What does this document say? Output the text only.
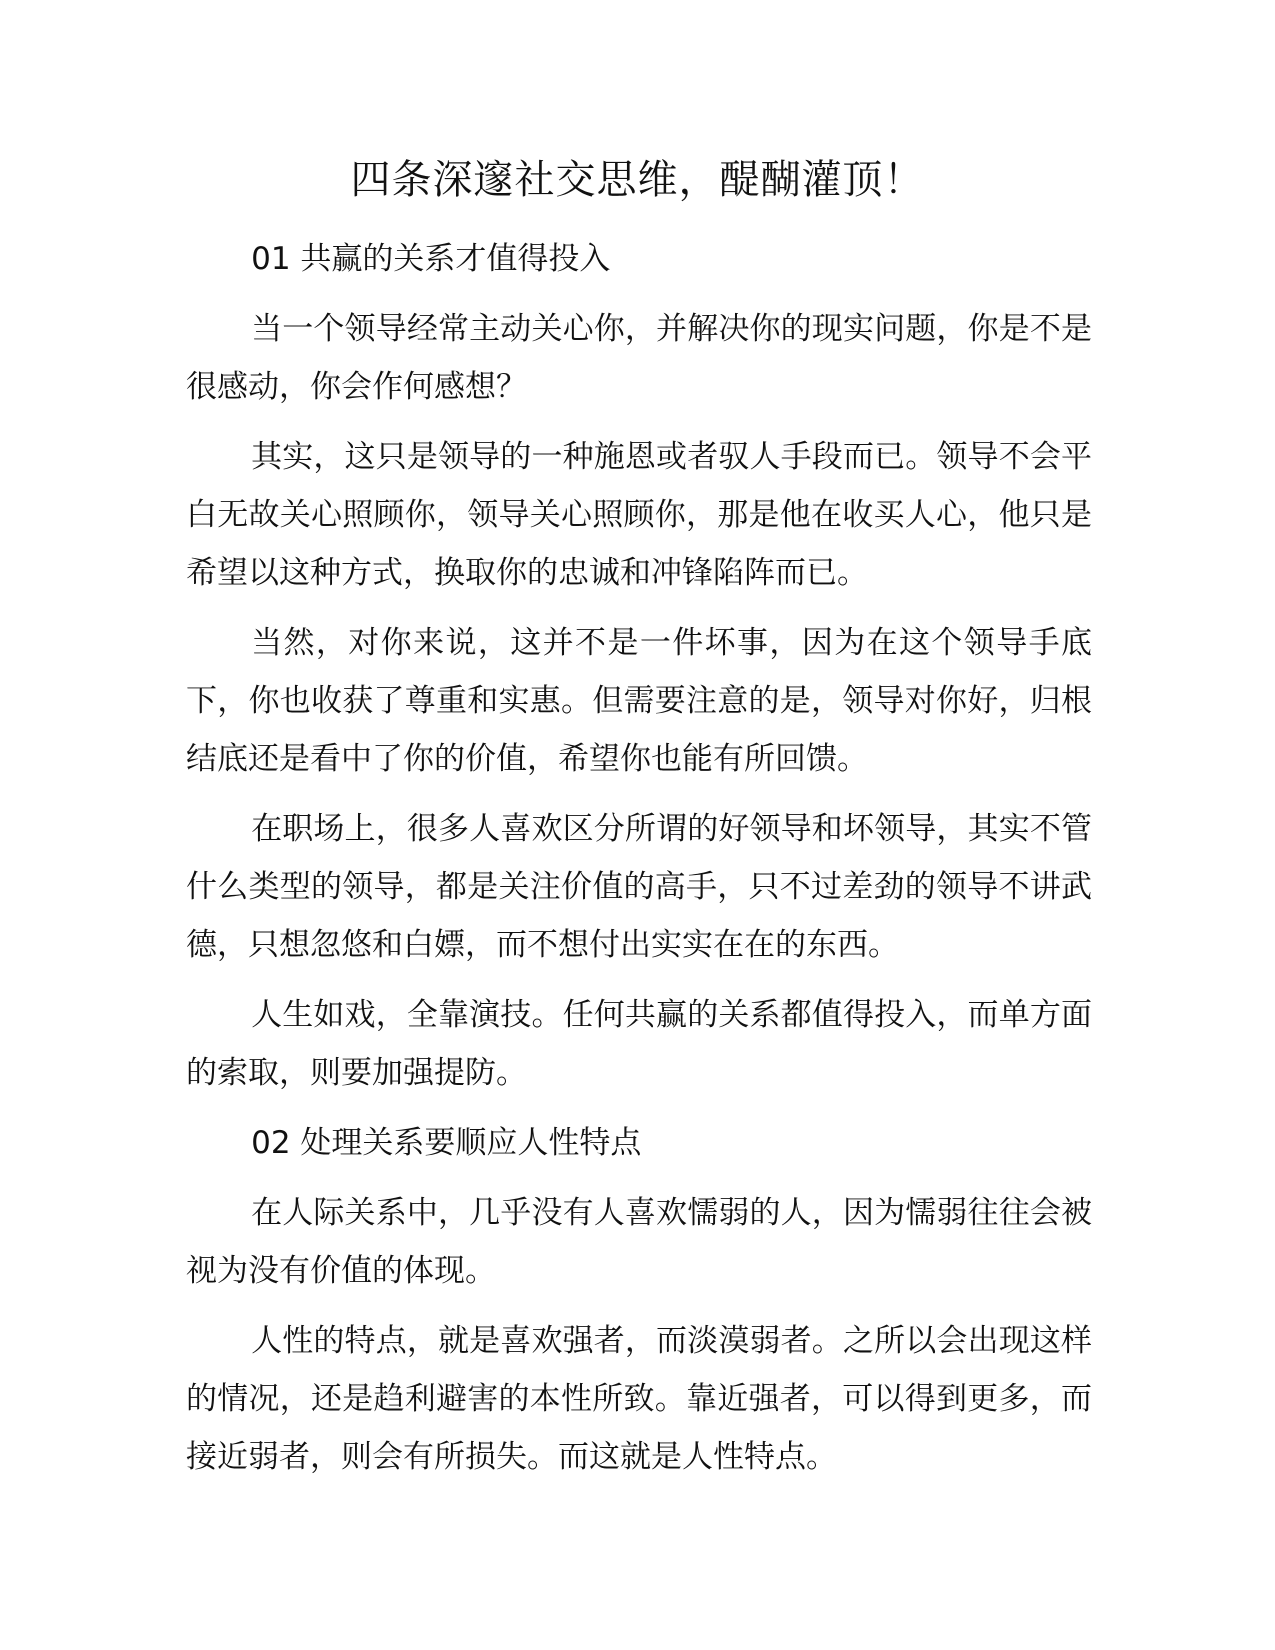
四条深邃社交思维，醍醐灌顶！

01 共赢的关系才值得投入

当一个领导经常主动关心你，并解决你的现实问题，你是不是很感动，你会作何感想？

其实，这只是领导的一种施恩或者驭人手段而已。领导不会平白无故关心照顾你，领导关心照顾你，那是他在收买人心，他只是希望以这种方式，换取你的忠诚和冲锋陷阵而已。

当然，对你来说，这并不是一件坏事，因为在这个领导手底下，你也收获了尊重和实惠。但需要注意的是，领导对你好，归根结底还是看中了你的价值，希望你也能有所回馈。

在职场上，很多人喜欢区分所谓的好领导和坏领导，其实不管什么类型的领导，都是关注价值的高手，只不过差劲的领导不讲武德，只想忽悠和白嫖，而不想付出实实在在的东西。

人生如戏，全靠演技。任何共赢的关系都值得投入，而单方面的索取，则要加强提防。

02 处理关系要顺应人性特点

在人际关系中，几乎没有人喜欢懦弱的人，因为懦弱往往会被视为没有价值的体现。

人性的特点，就是喜欢强者，而淡漠弱者。之所以会出现这样的情况，还是趋利避害的本性所致。靠近强者，可以得到更多，而接近弱者，则会有所损失。而这就是人性特点。
